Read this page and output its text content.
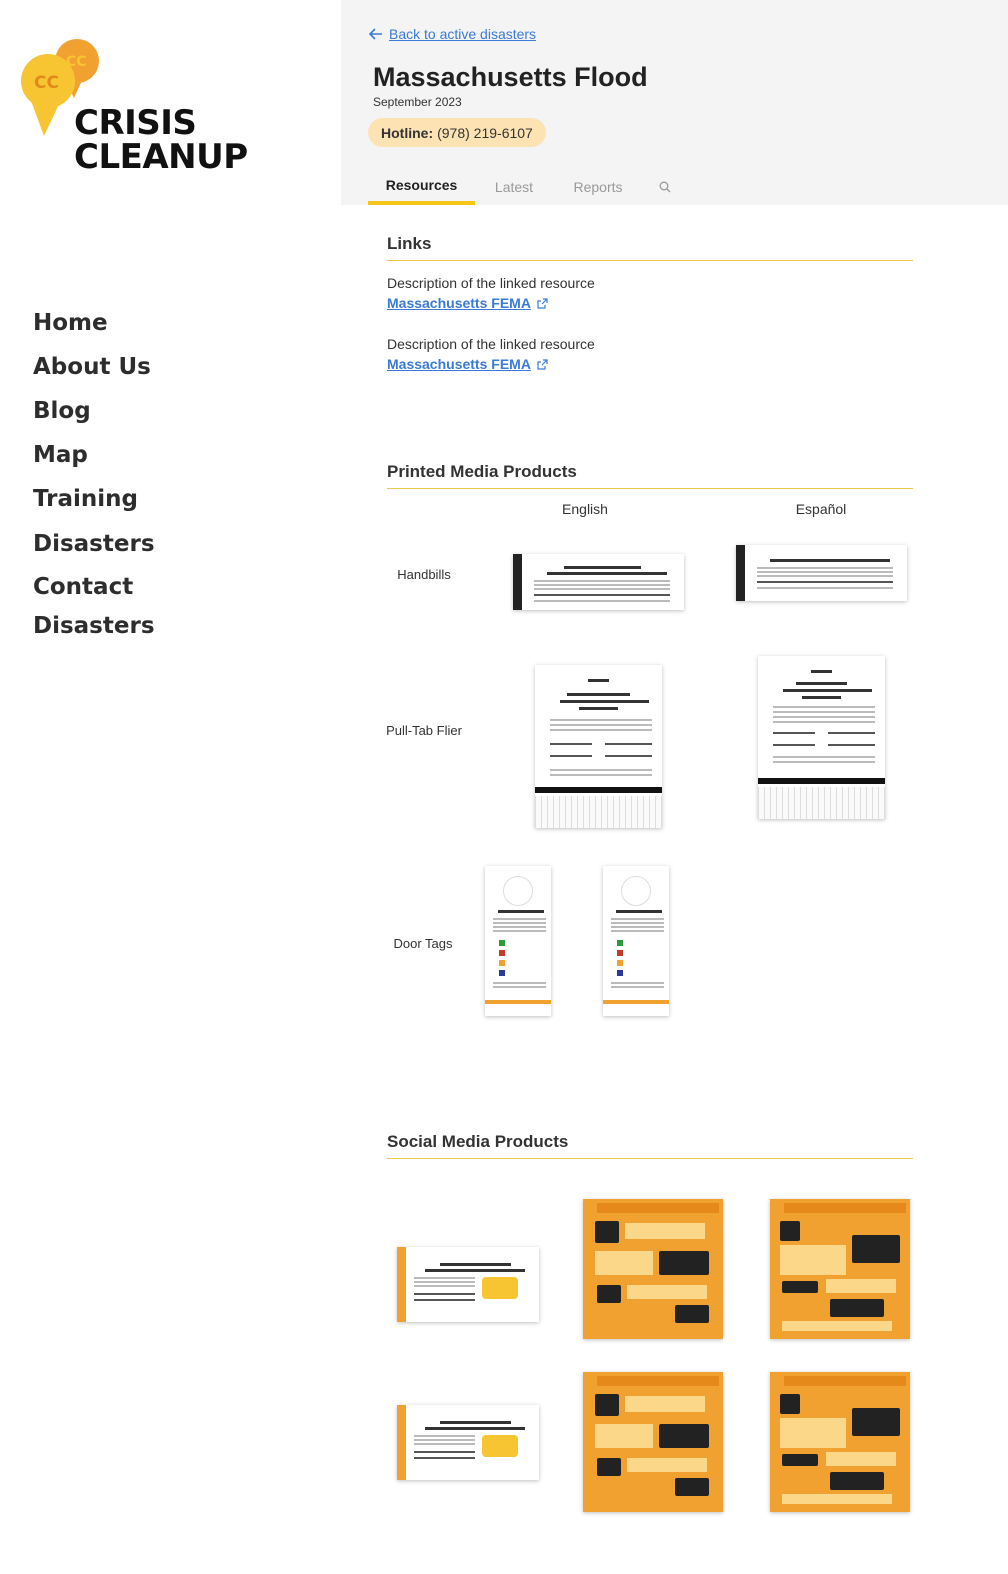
CC
CC
CRISIS
CLEANUP
Home
About Us
Blog
Map
Training
Disasters
Contact
Disasters
Back to active disasters
Massachusetts Flood
September 2023
Hotline: (978) 219-6107
Resources	Latest	Reports
Links
Description of the linked resource
Massachusetts FEMA
Description of the linked resource
Massachusetts FEMA
Printed Media Products
English	Español
Handbills
Pull-Tab Flier
Door Tags
Social Media Products
